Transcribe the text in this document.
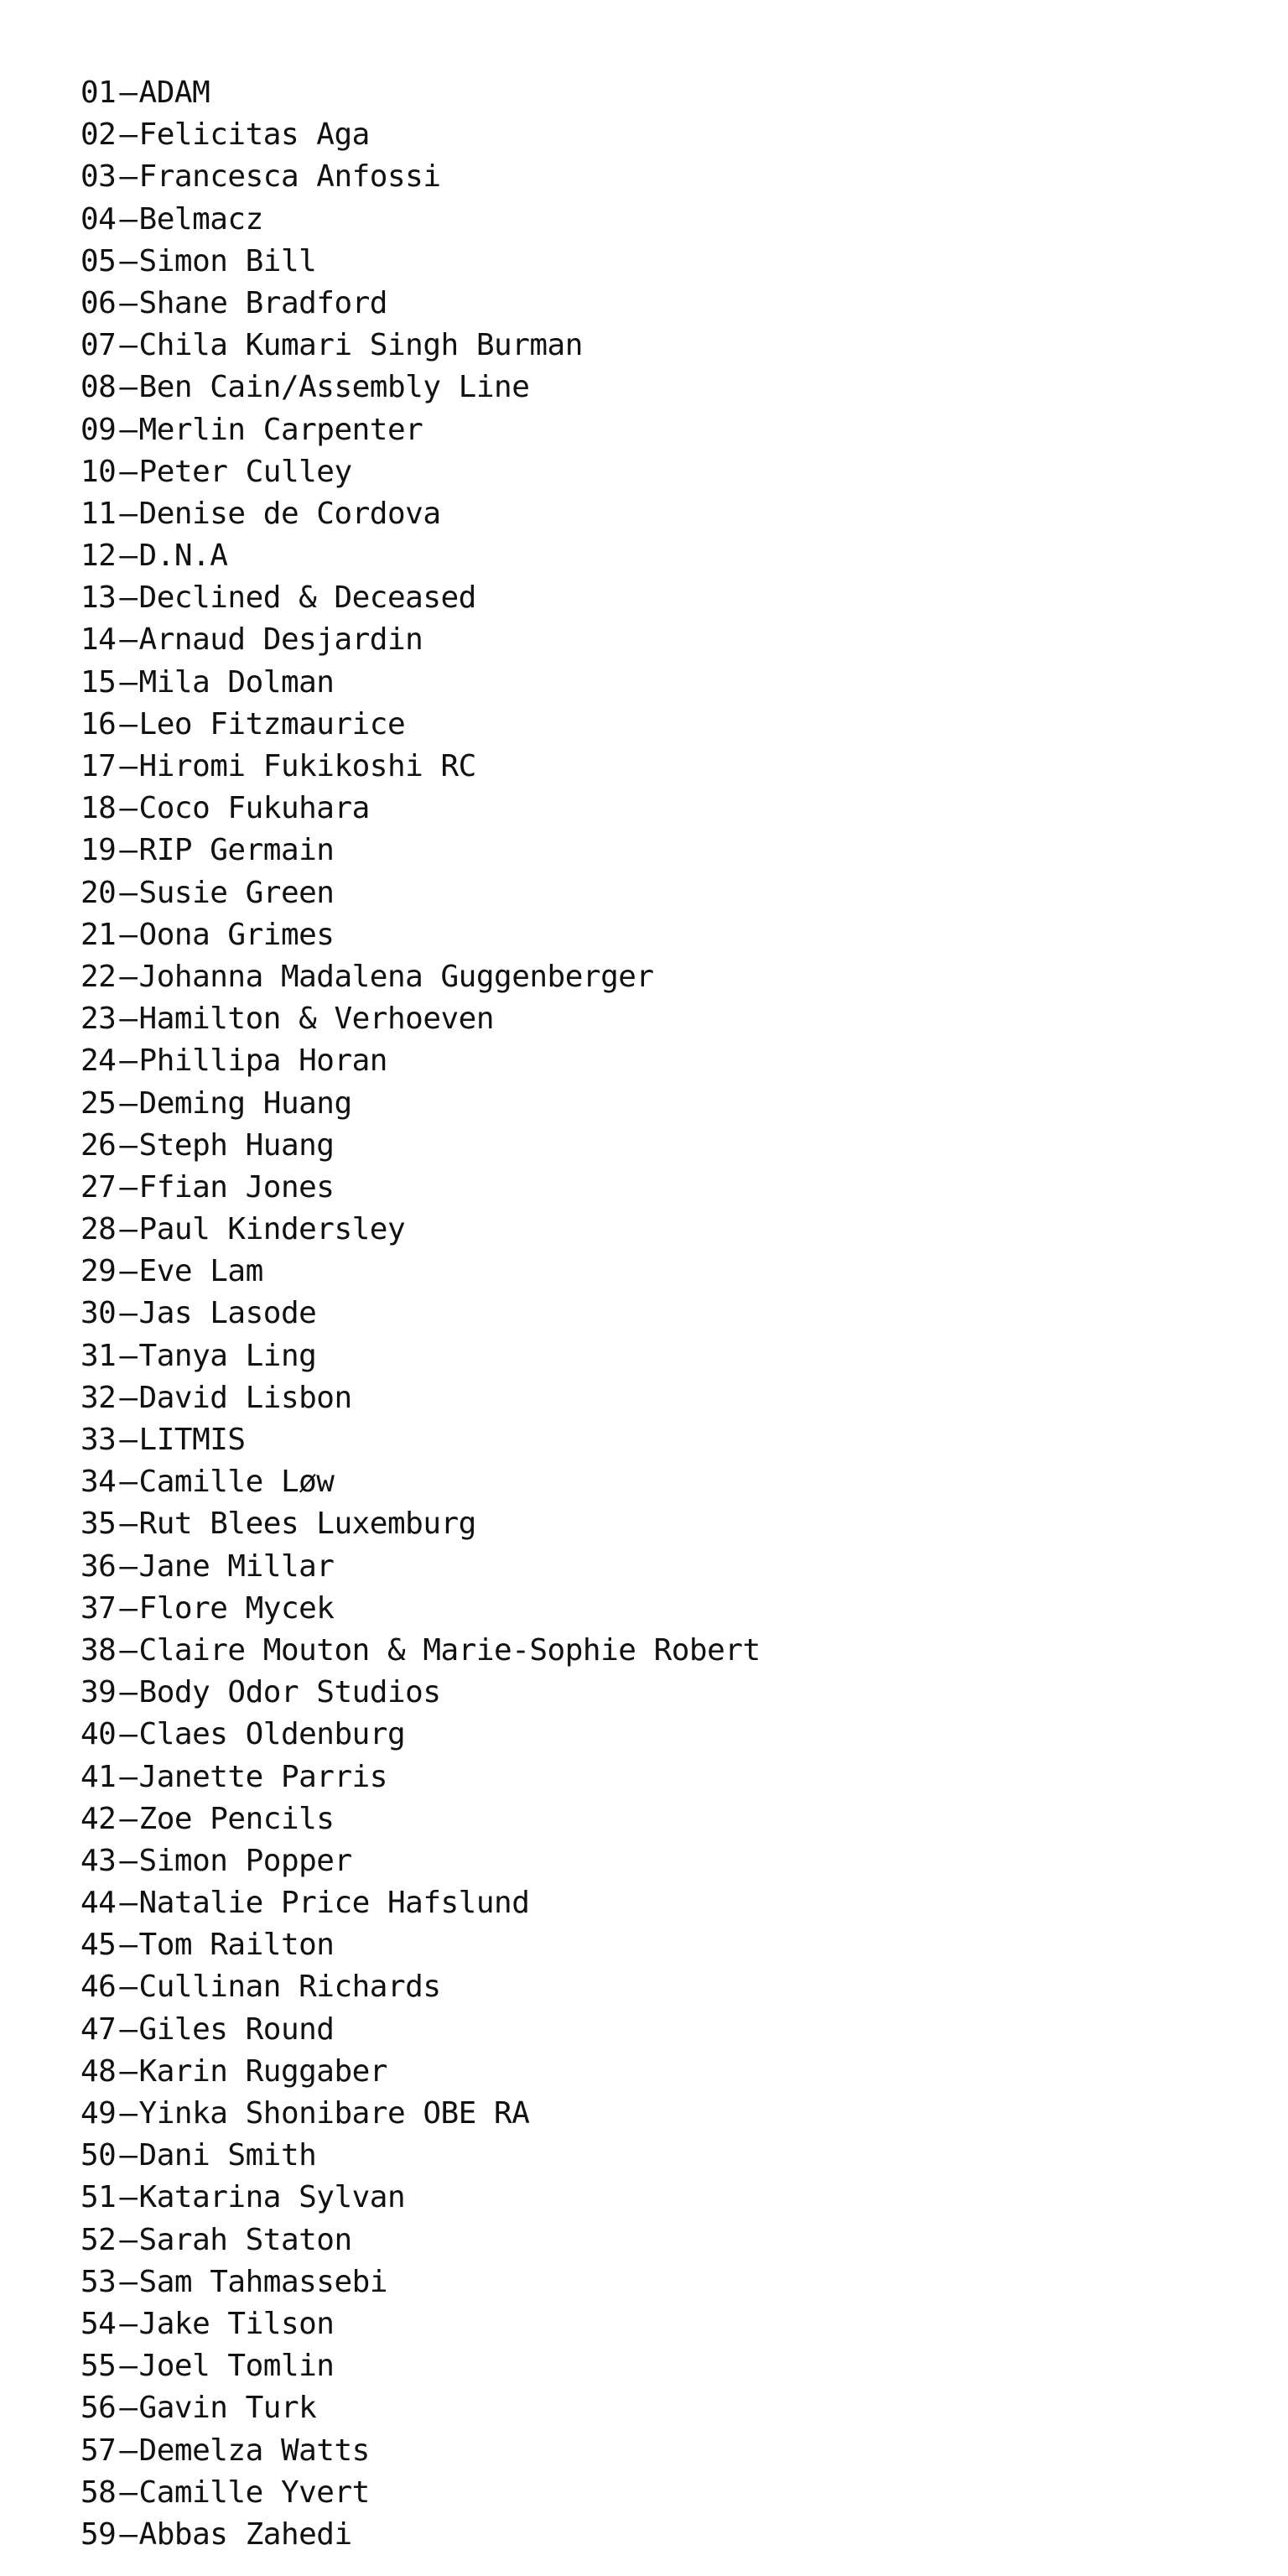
01 — ADAM
02 — Felicitas Aga
03 — Francesca Anfossi
04 — Belmacz
05 — Simon Bill
06 — Shane Bradford
07 — Chila Kumari Singh Burman
08 — Ben Cain/Assembly Line
09 — Merlin Carpenter
10 — Peter Culley
11 — Denise de Cordova
12 — D.N.A
13 — Declined & Deceased
14 — Arnaud Desjardin
15 — Mila Dolman
16 — Leo Fitzmaurice
17 — Hiromi Fukikoshi RC
18 — Coco Fukuhara
19 — RIP Germain
20 — Susie Green
21 — Oona Grimes
22 — Johanna Madalena Guggenberger
23 — Hamilton & Verhoeven
24 — Phillipa Horan
25 — Deming Huang
26 — Steph Huang
27 — Ffian Jones
28 — Paul Kindersley
29 — Eve Lam
30 — Jas Lasode
31 — Tanya Ling
32 — David Lisbon
33 — LITMIS
34 — Camille Løw
35 — Rut Blees Luxemburg
36 — Jane Millar
37 — Flore Mycek
38 — Claire Mouton & Marie-Sophie Robert
39 — Body Odor Studios
40 — Claes Oldenburg
41 — Janette Parris
42 — Zoe Pencils
43 — Simon Popper
44 — Natalie Price Hafslund
45 — Tom Railton
46 — Cullinan Richards
47 — Giles Round
48 — Karin Ruggaber
49 — Yinka Shonibare OBE RA
50 — Dani Smith
51 — Katarina Sylvan
52 — Sarah Staton
53 — Sam Tahmassebi
54 — Jake Tilson
55 — Joel Tomlin
56 — Gavin Turk
57 — Demelza Watts
58 — Camille Yvert
59 — Abbas Zahedi
